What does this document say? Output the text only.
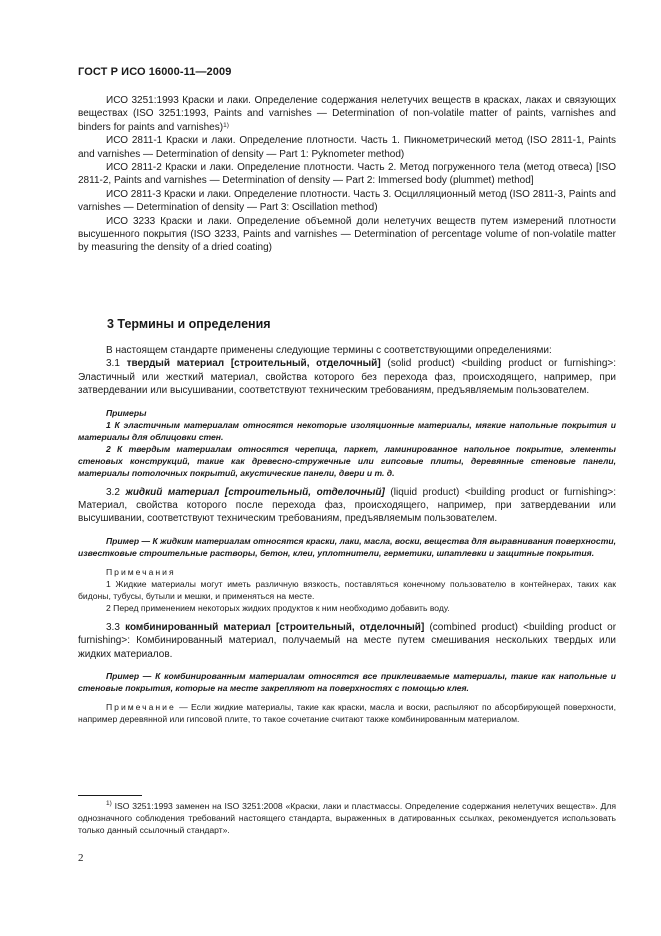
ГОСТ Р ИСО 16000-11—2009

ИСО 3251:1993 Краски и лаки. Определение содержания нелетучих веществ в красках, лаках и связующих веществах (ISO 3251:1993, Paints and varnishes — Determination of non-volatile matter of paints, varnishes and binders for paints and varnishes)$^{1)}$

ИСО 2811-1 Краски и лаки. Определение плотности. Часть 1. Пикнометрический метод (ISO 2811-1, Paints and varnishes — Determination of density — Part 1: Pyknometer method)

ИСО 2811-2 Краски и лаки. Определение плотности. Часть 2. Метод погруженного тела (метод отвеса) [ISO 2811-2, Paints and varnishes — Determination of density — Part 2: Immersed body (plummet) method]

ИСО 2811-3 Краски и лаки. Определение плотности. Часть 3. Осцилляционный метод (ISO 2811-3, Paints and varnishes — Determination of density — Part 3: Oscillation method)

ИСО 3233 Краски и лаки. Определение объемной доли нелетучих веществ путем измерений плотности высушенного покрытия (ISO 3233, Paints and varnishes — Determination of percentage volume of non-volatile matter by measuring the density of a dried coating)

3 Термины и определения

В настоящем стандарте применены следующие термины с соответствующими определениями:

3.1 твердый материал [строительный, отделочный] (solid product) <building product or furnishing>: Эластичный или жесткий материал, свойства которого без перехода фаз, происходящего, например, при затвердевании или высушивании, соответствуют техническим требованиям, предъявляемым пользователем.

Примеры

1 К эластичным материалам относятся некоторые изоляционные материалы, мягкие напольные покрытия и материалы для облицовки стен.

2 К твердым материалам относятся черепица, паркет, ламинированное напольное покрытие, элементы стеновых конструкций, такие как древесно-стружечные или гипсовые плиты, деревянные стеновые панели, материалы потолочных покрытий, акустические панели, двери и т. д.

3.2 жидкий материал [строительный, отделочный] (liquid product) <building product or furnishing>: Материал, свойства которого после перехода фаз, происходящего, например, при затвердевании или высушивании, соответствуют техническим требованиям, предъявляемым пользователем.

Пример — К жидким материалам относятся краски, лаки, масла, воски, вещества для выравнивания поверхности, известковые строительные растворы, бетон, клеи, уплотнители, герметики, шпатлевки и защитные покрытия.

Примечания

1 Жидкие материалы могут иметь различную вязкость, поставляться конечному пользователю в контейнерах, таких как бидоны, тубусы, бутыли и мешки, и применяться на месте.

2 Перед применением некоторых жидких продуктов к ним необходимо добавить воду.

3.3 комбинированный материал [строительный, отделочный] (combined product) <building product or furnishing>: Комбинированный материал, получаемый на месте путем смешивания нескольких твердых или жидких материалов.

Пример — К комбинированным материалам относятся все приклеиваемые материалы, такие как напольные и стеновые покрытия, которые на месте закрепляют на поверхностях с помощью клея.

Примечание — Если жидкие материалы, такие как краски, масла и воски, распыляют по абсорбирующей поверхности, например деревянной или гипсовой плите, то такое сочетание считают также комбинированным материалом.

$^{1)}$ ISO 3251:1993 заменен на ISO 3251:2008 «Краски, лаки и пластмассы. Определение содержания нелетучих веществ». Для однозначного соблюдения требований настоящего стандарта, выраженных в датированных ссылках, рекомендуется использовать только данный ссылочный стандарт».

2
